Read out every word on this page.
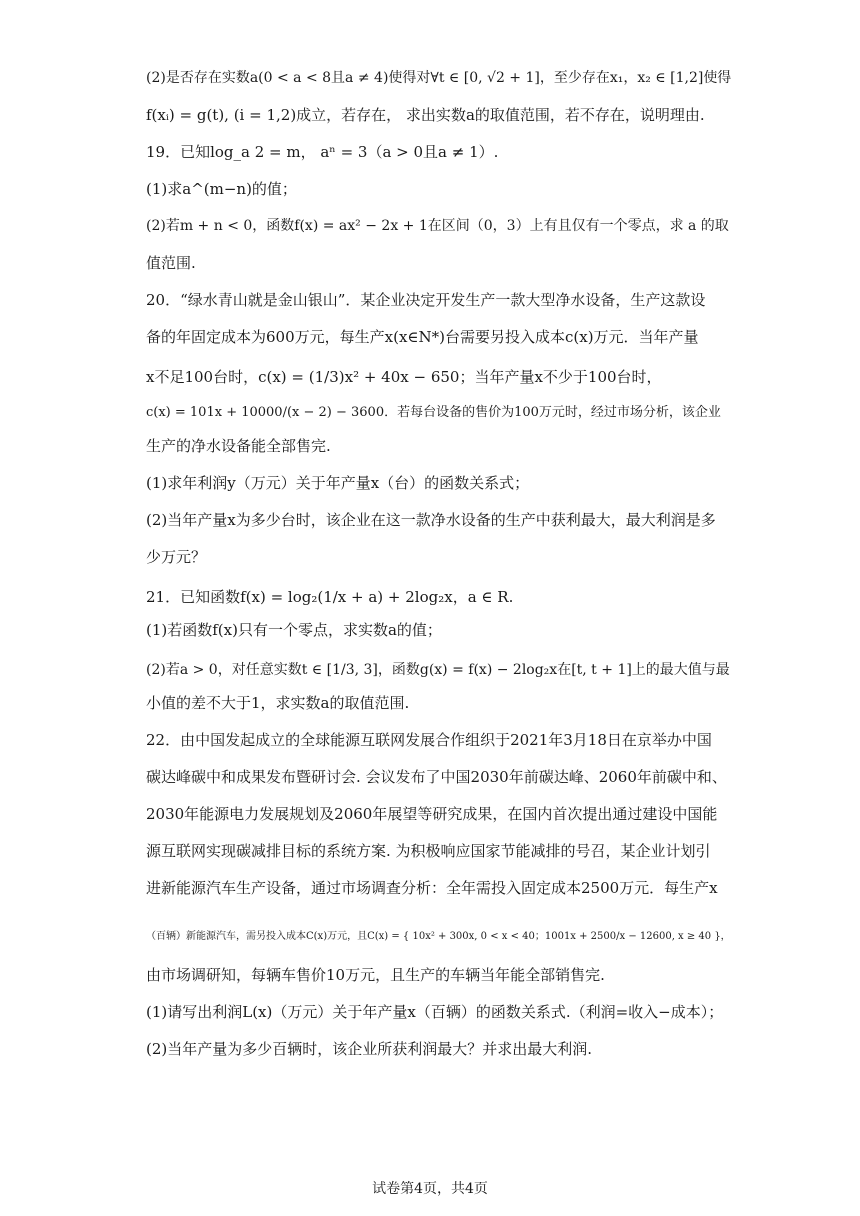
(2)是否存在实数a(0 < a < 8且a ≠ 4)使得对∀t ∈ [0, √2 + 1]，至少存在x₁，x₂ ∈ [1,2]使得
f(xᵢ) = g(t), (i = 1,2)成立，若存在， 求出实数a的取值范围，若不存在，说明理由.
19．已知log_a 2 = m， aⁿ = 3（a > 0且a ≠ 1）.
(1)求a^(m−n)的值；
(2)若m + n < 0，函数f(x) = ax² − 2x + 1在区间（0，3）上有且仅有一个零点，求 a 的取
值范围.
20．“绿水青山就是金山银山”．某企业决定开发生产一款大型净水设备，生产这款设
备的年固定成本为600万元，每生产x(x∈N*)台需要另投入成本c(x)万元．当年产量
x不足100台时，c(x) = (1/3)x² + 40x − 650；当年产量x不少于100台时，
c(x) = 101x + 10000/(x − 2) − 3600．若每台设备的售价为100万元时，经过市场分析，该企业
生产的净水设备能全部售完.
(1)求年利润y（万元）关于年产量x（台）的函数关系式；
(2)当年产量x为多少台时，该企业在这一款净水设备的生产中获利最大，最大利润是多
少万元？
21．已知函数f(x) = log₂(1/x + a) + 2log₂x，a ∈ R.
(1)若函数f(x)只有一个零点，求实数a的值；
(2)若a > 0，对任意实数t ∈ [1/3, 3]，函数g(x) = f(x) − 2log₂x在[t, t + 1]上的最大值与最
小值的差不大于1，求实数a的取值范围.
22．由中国发起成立的全球能源互联网发展合作组织于2021年3月18日在京举办中国
碳达峰碳中和成果发布暨研讨会. 会议发布了中国2030年前碳达峰、2060年前碳中和、
2030年能源电力发展规划及2060年展望等研究成果，在国内首次提出通过建设中国能
源互联网实现碳减排目标的系统方案. 为积极响应国家节能减排的号召，某企业计划引
进新能源汽车生产设备，通过市场调查分析：全年需投入固定成本2500万元．每生产x
（百辆）新能源汽车，需另投入成本C(x)万元，且C(x) = { 10x² + 300x, 0 < x < 40；1001x + 2500/x − 12600, x ≥ 40 }，
由市场调研知，每辆车售价10万元，且生产的车辆当年能全部销售完.
(1)请写出利润L(x)（万元）关于年产量x（百辆）的函数关系式.（利润=收入−成本）；
(2)当年产量为多少百辆时，该企业所获利润最大？并求出最大利润.
试卷第4页，共4页
